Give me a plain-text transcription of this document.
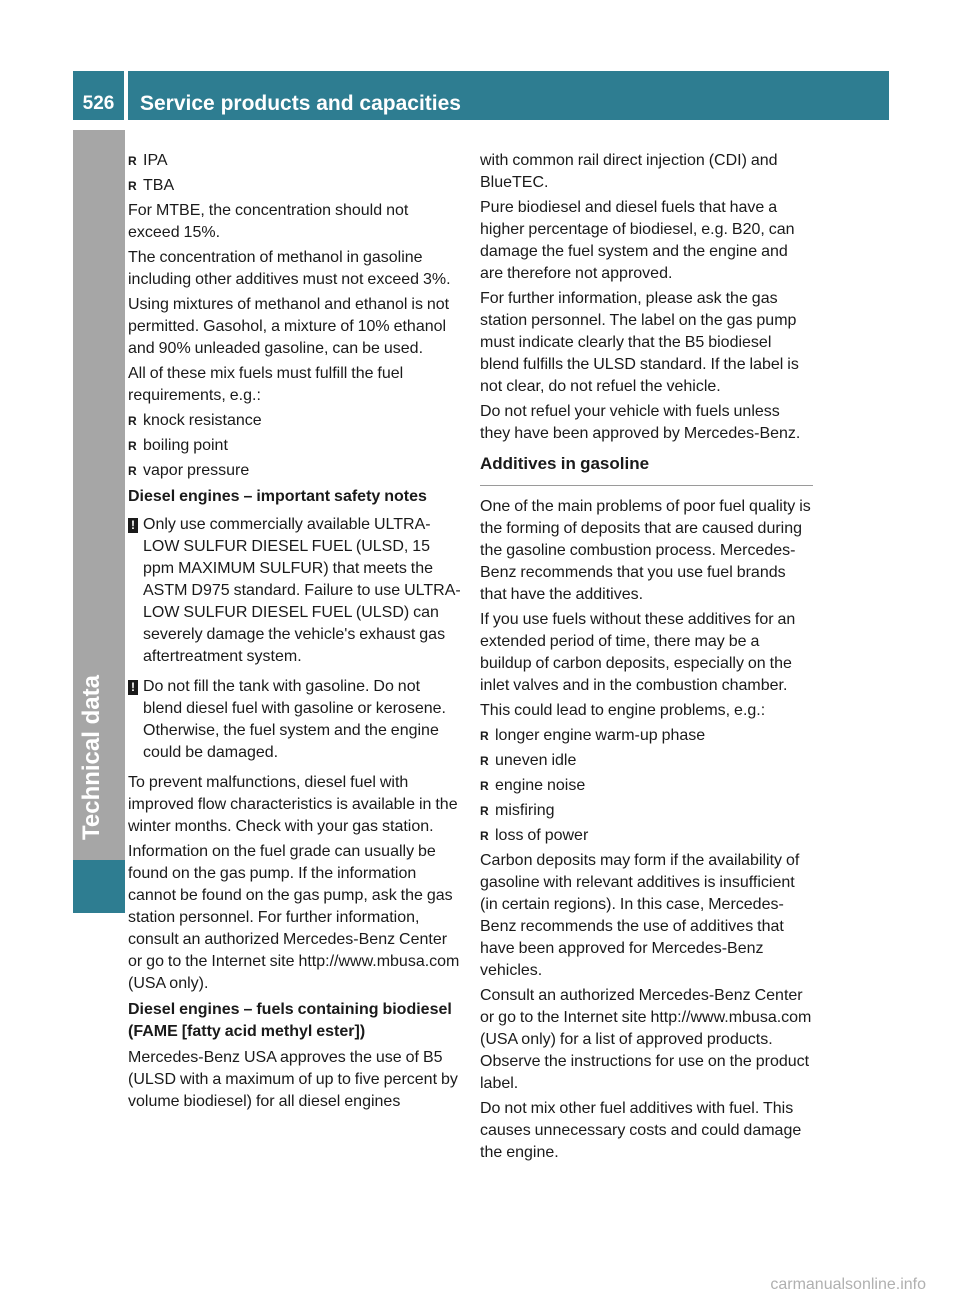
526	Service products and capacities
R IPA
R TBA

For MTBE, the concentration should not exceed 15%.

The concentration of methanol in gasoline including other additives must not exceed 3%.

Using mixtures of methanol and ethanol is not permitted. Gasohol, a mixture of 10% ethanol and 90% unleaded gasoline, can be used.

All of these mix fuels must fulfill the fuel requirements, e.g.:

R knock resistance
R boiling point
R vapor pressure
Diesel engines – important safety notes
! Only use commercially available ULTRA-LOW SULFUR DIESEL FUEL (ULSD, 15 ppm MAXIMUM SULFUR) that meets the ASTM D975 standard. Failure to use ULTRA-LOW SULFUR DIESEL FUEL (ULSD) can severely damage the vehicle's exhaust gas aftertreatment system.
! Do not fill the tank with gasoline. Do not blend diesel fuel with gasoline or kerosene. Otherwise, the fuel system and the engine could be damaged.

To prevent malfunctions, diesel fuel with improved flow characteristics is available in the winter months. Check with your gas station.

Information on the fuel grade can usually be found on the gas pump. If the information cannot be found on the gas pump, ask the gas station personnel. For further information, consult an authorized Mercedes-Benz Center or go to the Internet site http://www.mbusa.com (USA only).

Diesel engines – fuels containing biodiesel (FAME [fatty acid methyl ester])

Mercedes-Benz USA approves the use of B5 (ULSD with a maximum of up to five percent by volume biodiesel) for all diesel engines

with common rail direct injection (CDI) and BlueTEC.

Pure biodiesel and diesel fuels that have a higher percentage of biodiesel, e.g. B20, can damage the fuel system and the engine and are therefore not approved.

For further information, please ask the gas station personnel. The label on the gas pump must indicate clearly that the B5 biodiesel blend fulfills the ULSD standard. If the label is not clear, do not refuel the vehicle.

Do not refuel your vehicle with fuels unless they have been approved by Mercedes-Benz.

Additives in gasoline

One of the main problems of poor fuel quality is the forming of deposits that are caused during the gasoline combustion process. Mercedes-Benz recommends that you use fuel brands that have the additives.

If you use fuels without these additives for an extended period of time, there may be a buildup of carbon deposits, especially on the inlet valves and in the combustion chamber.

This could lead to engine problems, e.g.:

R longer engine warm-up phase
R uneven idle
R engine noise
R misfiring
R loss of power

Carbon deposits may form if the availability of gasoline with relevant additives is insufficient (in certain regions). In this case, Mercedes-Benz recommends the use of additives that have been approved for Mercedes-Benz vehicles.

Consult an authorized Mercedes-Benz Center or go to the Internet site http://www.mbusa.com (USA only) for a list of approved products. Observe the instructions for use on the product label.

Do not mix other fuel additives with fuel. This causes unnecessary costs and could damage the engine.

carmanualsonline.info
